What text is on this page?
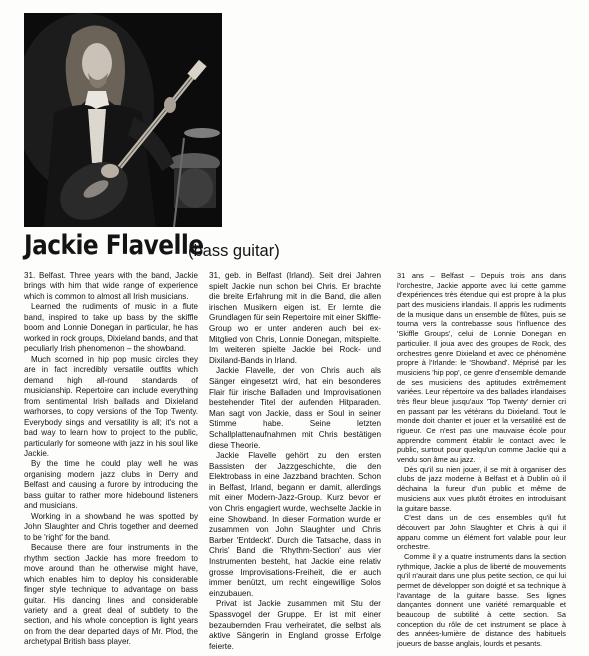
Jackie Flavelle
(bass guitar)

31. Belfast. Three years with the band, Jackie brings with him that wide range of experience which is common to almost all Irish musicians.

Learned the rudiments of music in a flute band, inspired to take up bass by the skiffle boom and Lonnie Donegan in particular, he has worked in rock groups, Dixieland bands, and that peculiarly Irish phenomenon – the showband.

Much scorned in hip pop music circles they are in fact incredibly versatile outfits which demand high all-round standards of musicianship. Repertoire can include everything from sentimental Irish ballads and Dixieland warhorses, to copy versions of the Top Twenty. Everybody sings and versatility is all; it's not a bad way to learn how to project to the public, particularly for someone with jazz in his soul like Jackie.

By the time he could play well he was organising modern jazz clubs in Derry and Belfast and causing a furore by introducing the bass guitar to rather more hidebound listeners and musicians.

Working in a showband he was spotted by John Slaughter and Chris together and deemed to be 'right' for the band.

Because there are four instruments in the rhythm section Jackie has more freedom to move around than he otherwise might have, which enables him to deploy his considerable finger style technique to advantage on bass guitar. His dancing lines and considerable variety and a great deal of subtlety to the section, and his whole conception is light years on from the dear departed days of Mr. Plod, the archetypal British bass player.

31, geb. in Belfast (Irland). Seit drei Jahren spielt Jackie nun schon bei Chris. Er brachte die breite Erfahrung mit in die Band, die allen irischen Musikern eigen ist. Er lernte die Grundlagen für sein Repertoire mit einer Skiffle-Group wo er unter anderen auch bei ex-Mitglied von Chris, Lonnie Donegan, mitspielte. Im weiteren spielte Jackie bei Rock- und Dixiland-Bands in Irland.

Jackie Flavelle, der von Chris auch als Sänger eingesetzt wird, hat ein besonderes Flair für irische Balladen und Improvisationen bestehender Titel der aufenden Hitparaden. Man sagt von Jackie, dass er Soul in seiner Stimme habe. Seine letzten Schallplattenaufnahmen mit Chris bestätigen diese Theorie.

Jackie Flavelle gehört zu den ersten Bassisten der Jazzgeschichte, die den Elektrobass in eine Jazzband brachten. Schon in Belfast, Irland, begann er damit, allerdings mit einer Modern-Jazz-Group. Kurz bevor er von Chris engagiert wurde, wechselte Jackie in eine Showband. In dieser Formation wurde er zusammen von John Slaughter und Chris Barber 'Entdeckt'. Durch die Tatsache, dass in Chris' Band die 'Rhythm-Section' aus vier Instrumenten besteht, hat Jackie eine relativ grosse Improvisations-Freiheit, die er auch immer benützt, um recht eingewillige Solos einzubauen.

Privat ist Jackie zusammen mit Stu der Spassvogel der Gruppe. Er ist mit einer bezaubernden Frau verheiratet, die selbst als aktive Sängerin in England grosse Erfolge feierte.

31 ans – Belfast – Depuis trois ans dans l'orchestre, Jackie apporte avec lui cette gamme d'expériences très étendue qui est propre à la plus part des musiciens irlandais. Il appris les rudiments de la musique dans un ensemble de flûtes, puis se tourna vers la contrebasse sous l'influence des 'Skiffle Groups', celui de Lonnie Donegan en particulier. Il joua avec des groupes de Rock, des orchestres genre Dixieland et avec ce phénomène propre à l'Irlande: le 'Showband'. Méprisé par les musiciens 'hip pop', ce genre d'ensemble demande de ses musiciens des aptitudes extrêmement variées. Leur répertoire va des ballades irlandaises très fleur bleue jusqu'aux 'Top Twenty' dernier cri en passant par les vétérans du Dixieland. Tout le monde doit chanter et jouer et la versatilité est de rigueur. Ce n'est pas une mauvaise école pour apprendre comment établir le contact avec le public, surtout pour quelqu'un comme Jackie qui a vendu son âme au jazz.

Dès qu'il su nien jouer, il se mit à organiser des clubs de jazz moderne à Belfast et à Dublin où il déchaina la fureur d'un public et même de musiciens aux vues plutôt étroites en introduisant la guitare basse.

C'est dans un de ces ensembles qu'il fut découvert par John Slaughter et Chris à qui il apparu comme un élément fort valable pour leur orchestre.

Comme il y a quatre instruments dans la section rythmique, Jackie a plus de liberté de mouvements qu'il n'aurait dans une plus petite section, ce qui lui permet de développer son doigté et sa technique à l'avantage de la guitare basse. Ses lignes dançantes donnent une variété remarquable et beaucoup de subtilité à cette section. Sa conception du rôle de cet instrument se place à des années-lumière de distance des habituels joueurs de basse anglais, lourds et pesants.
